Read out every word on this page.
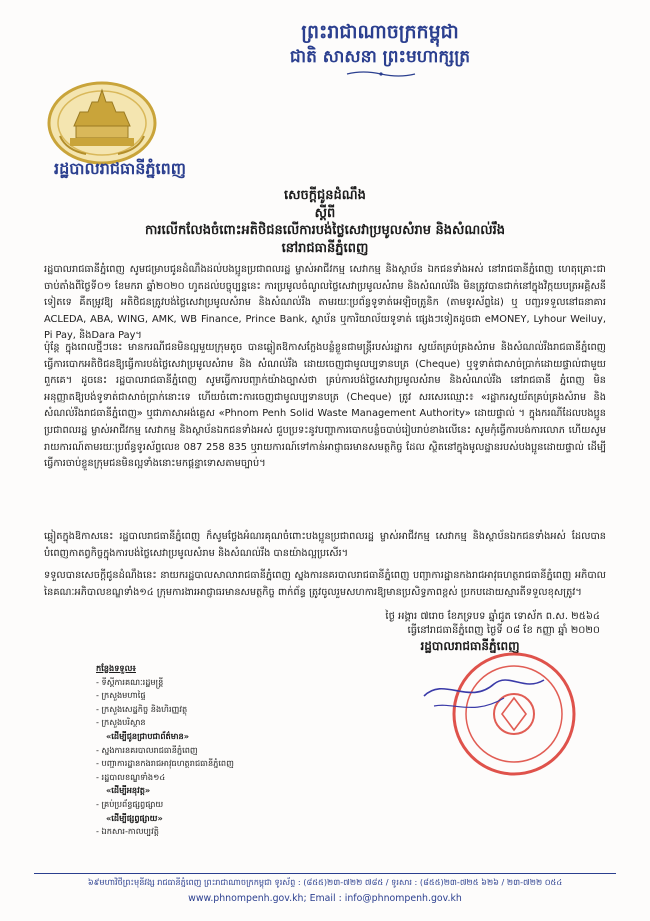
ព្រះរាជាណាចក្រកម្ពុជា
ជាតិ សាសនា ព្រះមហាក្សត្រ
រដ្ឋបាលរាជធានីភ្នំពេញ
សេចក្តីជូនដំណឹង
ស្តីពី
ការលើកលែងចំពោះអតិថិជនលើការបង់ថ្លៃសេវាប្រមូលសំរាម និងសំណល់រឹង
នៅរាជធានីភ្នំពេញ
រដ្ឋបាលរាជធានីភ្នំពេញ សូមជម្រាបជូនដំណឹងដល់បងប្អូនប្រជាពលរដ្ឋ ម្ចាស់អាជីវកម្ម សេវាកម្ម និងស្ថាប័ន ឯកជនទាំងអស់ នៅរាជធានីភ្នំពេញ ហេតុគ្រោះជា ចាប់តាំងពីថ្ងៃទី០១ ខែមករា ឆ្នាំ២០២០ ហូតដល់បច្ចុប្បន្ននេះ ការប្រមូលចំណូលថ្លៃសេវាប្រមូលសំរាម និងសំណល់រឹង មិនត្រូវបានជាក់នៅក្នុងវិក្កយបត្រអគ្គិសនីទៀតទេ គឺតម្រូវឱ្យ អតិថិជនត្រូវបង់ថ្លៃសេវាប្រមូលសំរាម និងសំណល់រឹង តាមរយៈប្រព័ន្ធទូទាត់អេឡិចត្រូនិក (តាមទូរស័ព្ទដៃ) ឬ បញ្ជរទទួលនៅធនាគារ ACLEDA, ABA, WING, AMK, WB Finance, Prince Bank, ស្ថាប័ន ឬការិយាល័យទូទាត់ ផ្សេងៗទៀតដូចជា eMONEY, Lyhour Weiluy, Pi Pay, និងDara Pay។
ប៉ុន្តែ ក្នុងពេលថ្មីៗនេះ មានករណីជនមិនល្អមួយក្រុមតូច បានឆ្លៀតឱកាសក្លែងបន្លំខ្លួនជាមន្ត្រីរបស់រដ្ឋាករ ស្វយ័តគ្រប់គ្រងសំរាម និងសំណល់រឹងរាជធានីភ្នំពេញ ធ្វើការបោកអតិថិជនឱ្យធ្វើការបង់ថ្លៃសេវាប្រមូលសំរាម និង សំណល់រឹង ដោយចេញជាមូលប្បទានបត្រ (Cheque) ឬទូទាត់ជាសាច់ប្រាក់ដោយផ្ទាល់ជាមួយពួកគេ។ ដូចនេះ រដ្ឋបាលរាជធានីភ្នំពេញ សូមធ្វើការបញ្ជាក់យ៉ាងច្បាស់ថា គ្រប់ការបង់ថ្លៃសេវាប្រមូលសំរាម និងសំណល់រឹង នៅរាជធានី ភ្នំពេញ មិនអនុញ្ញាតឱ្យបង់ទូទាត់ជាសាច់ប្រាក់នោះទេ ហើយចំពោះការចេញជាមូលប្បទានបត្រ (Cheque) ត្រូវ សរសេរឈ្មោះ៖ «រដ្ឋាករស្វយ័តគ្រប់គ្រងសំរាម និងសំណល់រឹងរាជធានីភ្នំពេញ» ឬជាភាសាអង់គ្លេស «Phnom Penh Solid Waste Management Authority» ដោយផ្ទាល់ ។ ក្នុងករណីដែលបងប្អូនប្រជាពលរដ្ឋ ម្ចាស់អាជីវកម្ម សេវាកម្ម និងស្ថាប័នឯកជនទាំងអស់ ជួបប្រទះនូវបញ្ហាការបោកបន្លំចបាប់រៀបរាប់ខាងលើនេះ សូមកុំធ្វើការបង់ការលោភ ហើយសូមរាយការណ៍តាមរយៈប្រព័ន្ធទូរស័ព្ទលេខ 087 258 835 ឬរាយការណ៍ទៅកាន់អាជ្ញាធរមានសមត្ថកិច្ច ដែល ស្ថិតនៅក្នុងមូលដ្ឋានរបស់បងប្អូនដោយផ្ទាល់ ដើម្បីធ្វើការចាប់ខ្លួនក្រុមជនមិនល្អទាំងនោះមកផ្តន្ទាទោសតាមច្បាប់។
ឆ្លៀតក្នុងឱកាសនេះ រដ្ឋបាលរាជធានីភ្នំពេញ ក៏សូមថ្លែងអំណរគុណចំពោះបងប្អូនប្រជាពលរដ្ឋ ម្ចាស់អាជីវកម្ម សេវាកម្ម និងស្ថាប័នឯកជនទាំងអស់ ដែលបានបំពេញកាតព្វកិច្ចក្នុងការបង់ថ្លៃសេវាប្រមូលសំរាម និងសំណល់រឹង បានយ៉ាងល្អប្រសើរ។
ទទួលបានសេចក្តីជូនដំណឹងនេះ នាយករដ្ឋបាលសាលារាជធានីភ្នំពេញ ស្នងការនគរបាលរាជធានីភ្នំពេញ បញ្ជាការដ្ឋានកងរាជអាវុធហត្ថរាជធានីភ្នំពេញ អភិបាល នៃគណៈអភិបាលខណ្ឌទាំង១៤ ក្រុមការងារអាជ្ញាធរមានសមត្ថកិច្ច ពាក់ព័ន្ធ ត្រូវចូលរួមសហការឱ្យមានប្រសិទ្ធភាពខ្ពស់ ប្រកបដោយស្មារតីទទួលខុសត្រូវ។
ថ្ងៃ អង្គារ ៧រោច ខែភទ្របទ ឆ្នាំជូត ទោស័ក ព.ស. ២៥៦៤
ធ្វើនៅរាជធានីភ្នំពេញ ថ្ងៃទី ០៨ ខែ កញ្ញា ឆ្នាំ ២០២០
រដ្ឋបាលរាជធានីភ្នំពេញ
កន្លែងទទួល៖
- ទីស្តីការគណៈរដ្ឋមន្ត្រី
- ក្រសួងមហាផ្ទៃ
- ក្រសួងសេដ្ឋកិច្ច និងហិរញ្ញវត្ថុ
- ក្រសួងបរិស្ថាន
«ដើម្បីជូនជ្រាបជាព័ត៌មាន»
- ស្នងការនគរបាលរាជធានីភ្នំពេញ
- បញ្ជាការដ្ឋានកងរាជអាវុធហត្ថរាជធានីភ្នំពេញ
- រដ្ឋបាលខណ្ឌទាំង១៤
«ដើម្បីអនុវត្ត»
- គ្រប់ប្រព័ន្ធផ្សព្វផ្សាយ
«ដើម្បីផ្សព្វផ្សាយ»
- ឯកសារ-កាលប្បវត្តិ
៦៩មហាវិថីព្រះមុនីវង្ស រាជធានីភ្នំពេញ ព្រះរាជាណាចក្រកម្ពុជា ទូរស័ព្ទ : (៨៥៥)២៣-៧២២ ៧៨៥ / ទូរសារ : (៨៥៥)២៣-៧២៥ ៦២៦ / ២៣-៧២២ ០៥៤
www.phnompenh.gov.kh; Email : info@phnompenh.gov.kh
